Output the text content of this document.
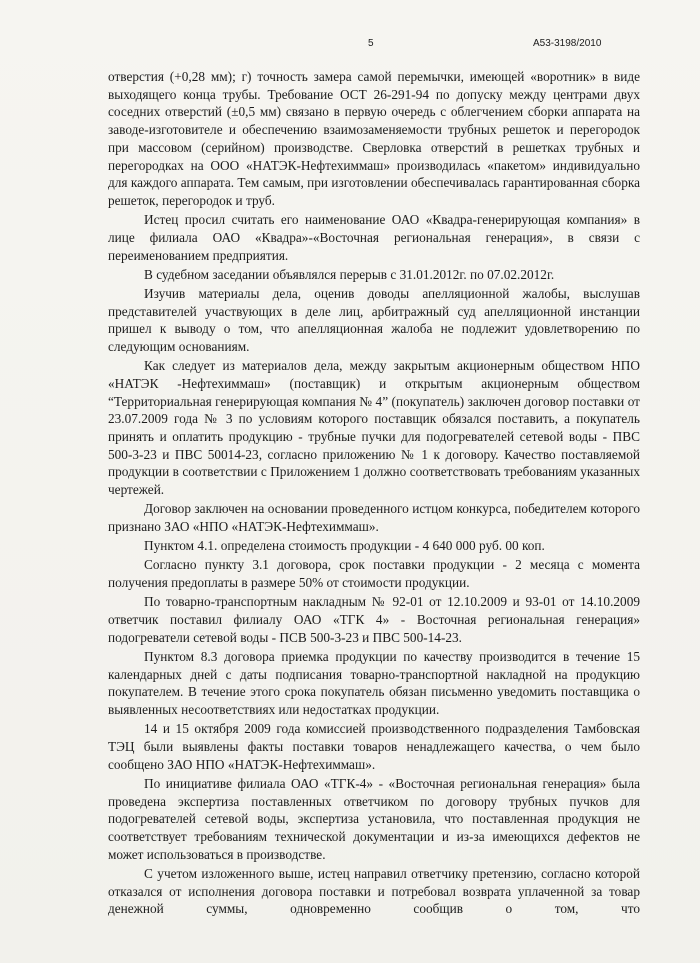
5	А53-3198/2010

отверстия (+0,28 мм); г) точность замера самой перемычки, имеющей «воротник» в виде выходящего конца трубы. Требование ОСТ 26-291-94 по допуску между центрами двух соседних отверстий (±0,5 мм) связано в первую очередь с облегчением сборки аппарата на заводе-изготовителе и обеспечению взаимозаменяемости трубных решеток и перегородок при массовом (серийном) производстве. Сверловка отверстий в решетках трубных и перегородках на ООО «НАТЭК-Нефтехиммаш» производилась «пакетом» индивидуально для каждого аппарата. Тем самым, при изготовлении обеспечивалась гарантированная сборка решеток, перегородок и труб.

Истец просил считать его наименование ОАО «Квадра-генерирующая компания» в лице филиала ОАО «Квадра»-«Восточная региональная генерация», в связи с переименованием предприятия.

В судебном заседании объявлялся перерыв с 31.01.2012г. по 07.02.2012г.

Изучив материалы дела, оценив доводы апелляционной жалобы, выслушав представителей участвующих в деле лиц, арбитражный суд апелляционной инстанции пришел к выводу о том, что апелляционная жалоба не подлежит удовлетворению по следующим основаниям.

Как следует из материалов дела, между закрытым акционерным обществом НПО «НАТЭК -Нефтехиммаш» (поставщик) и открытым акционерным обществом “Территориальная генерирующая компания № 4” (покупатель) заключен договор поставки от 23.07.2009 года № 3 по условиям которого поставщик обязался поставить, а покупатель принять и оплатить продукцию - трубные пучки для подогревателей сетевой воды - ПВС 500-3-23 и ПВС 50014-23, согласно приложению № 1 к договору. Качество поставляемой продукции в соответствии с Приложением 1 должно соответствовать требованиям указанных чертежей.

Договор заключен на основании проведенного истцом конкурса, победителем которого признано ЗАО «НПО «НАТЭК-Нефтехиммаш».

Пунктом 4.1. определена стоимость продукции - 4 640 000 руб. 00 коп.

Согласно пункту 3.1 договора, срок поставки продукции - 2 месяца с момента получения предоплаты в размере 50% от стоимости продукции.

По товарно-транспортным накладным № 92-01 от 12.10.2009 и 93-01 от 14.10.2009 ответчик поставил филиалу ОАО «ТГК 4» - Восточная региональная генерация» подогреватели сетевой воды - ПСВ 500-3-23 и ПВС 500-14-23.

Пунктом 8.3 договора приемка продукции по качеству производится в течение 15 календарных дней с даты подписания товарно-транспортной накладной на продукцию покупателем. В течение этого срока покупатель обязан письменно уведомить поставщика о выявленных несоответствиях или недостатках продукции.

14 и 15 октября 2009 года комиссией производственного подразделения Тамбовская ТЭЦ были выявлены факты поставки товаров ненадлежащего качества, о чем было сообщено ЗАО НПО «НАТЭК-Нефтехиммаш».

По инициативе филиала ОАО «ТГК-4» - «Восточная региональная генерация» была проведена экспертиза поставленных ответчиком по договору трубных пучков для подогревателей сетевой воды, экспертиза установила, что поставленная продукция не соответствует требованиям технической документации и из-за имеющихся дефектов не может использоваться в производстве.

С учетом изложенного выше, истец направил ответчику претензию, согласно которой отказался от исполнения договора поставки и потребовал возврата уплаченной за товар денежной суммы, одновременно сообщив о том, что
